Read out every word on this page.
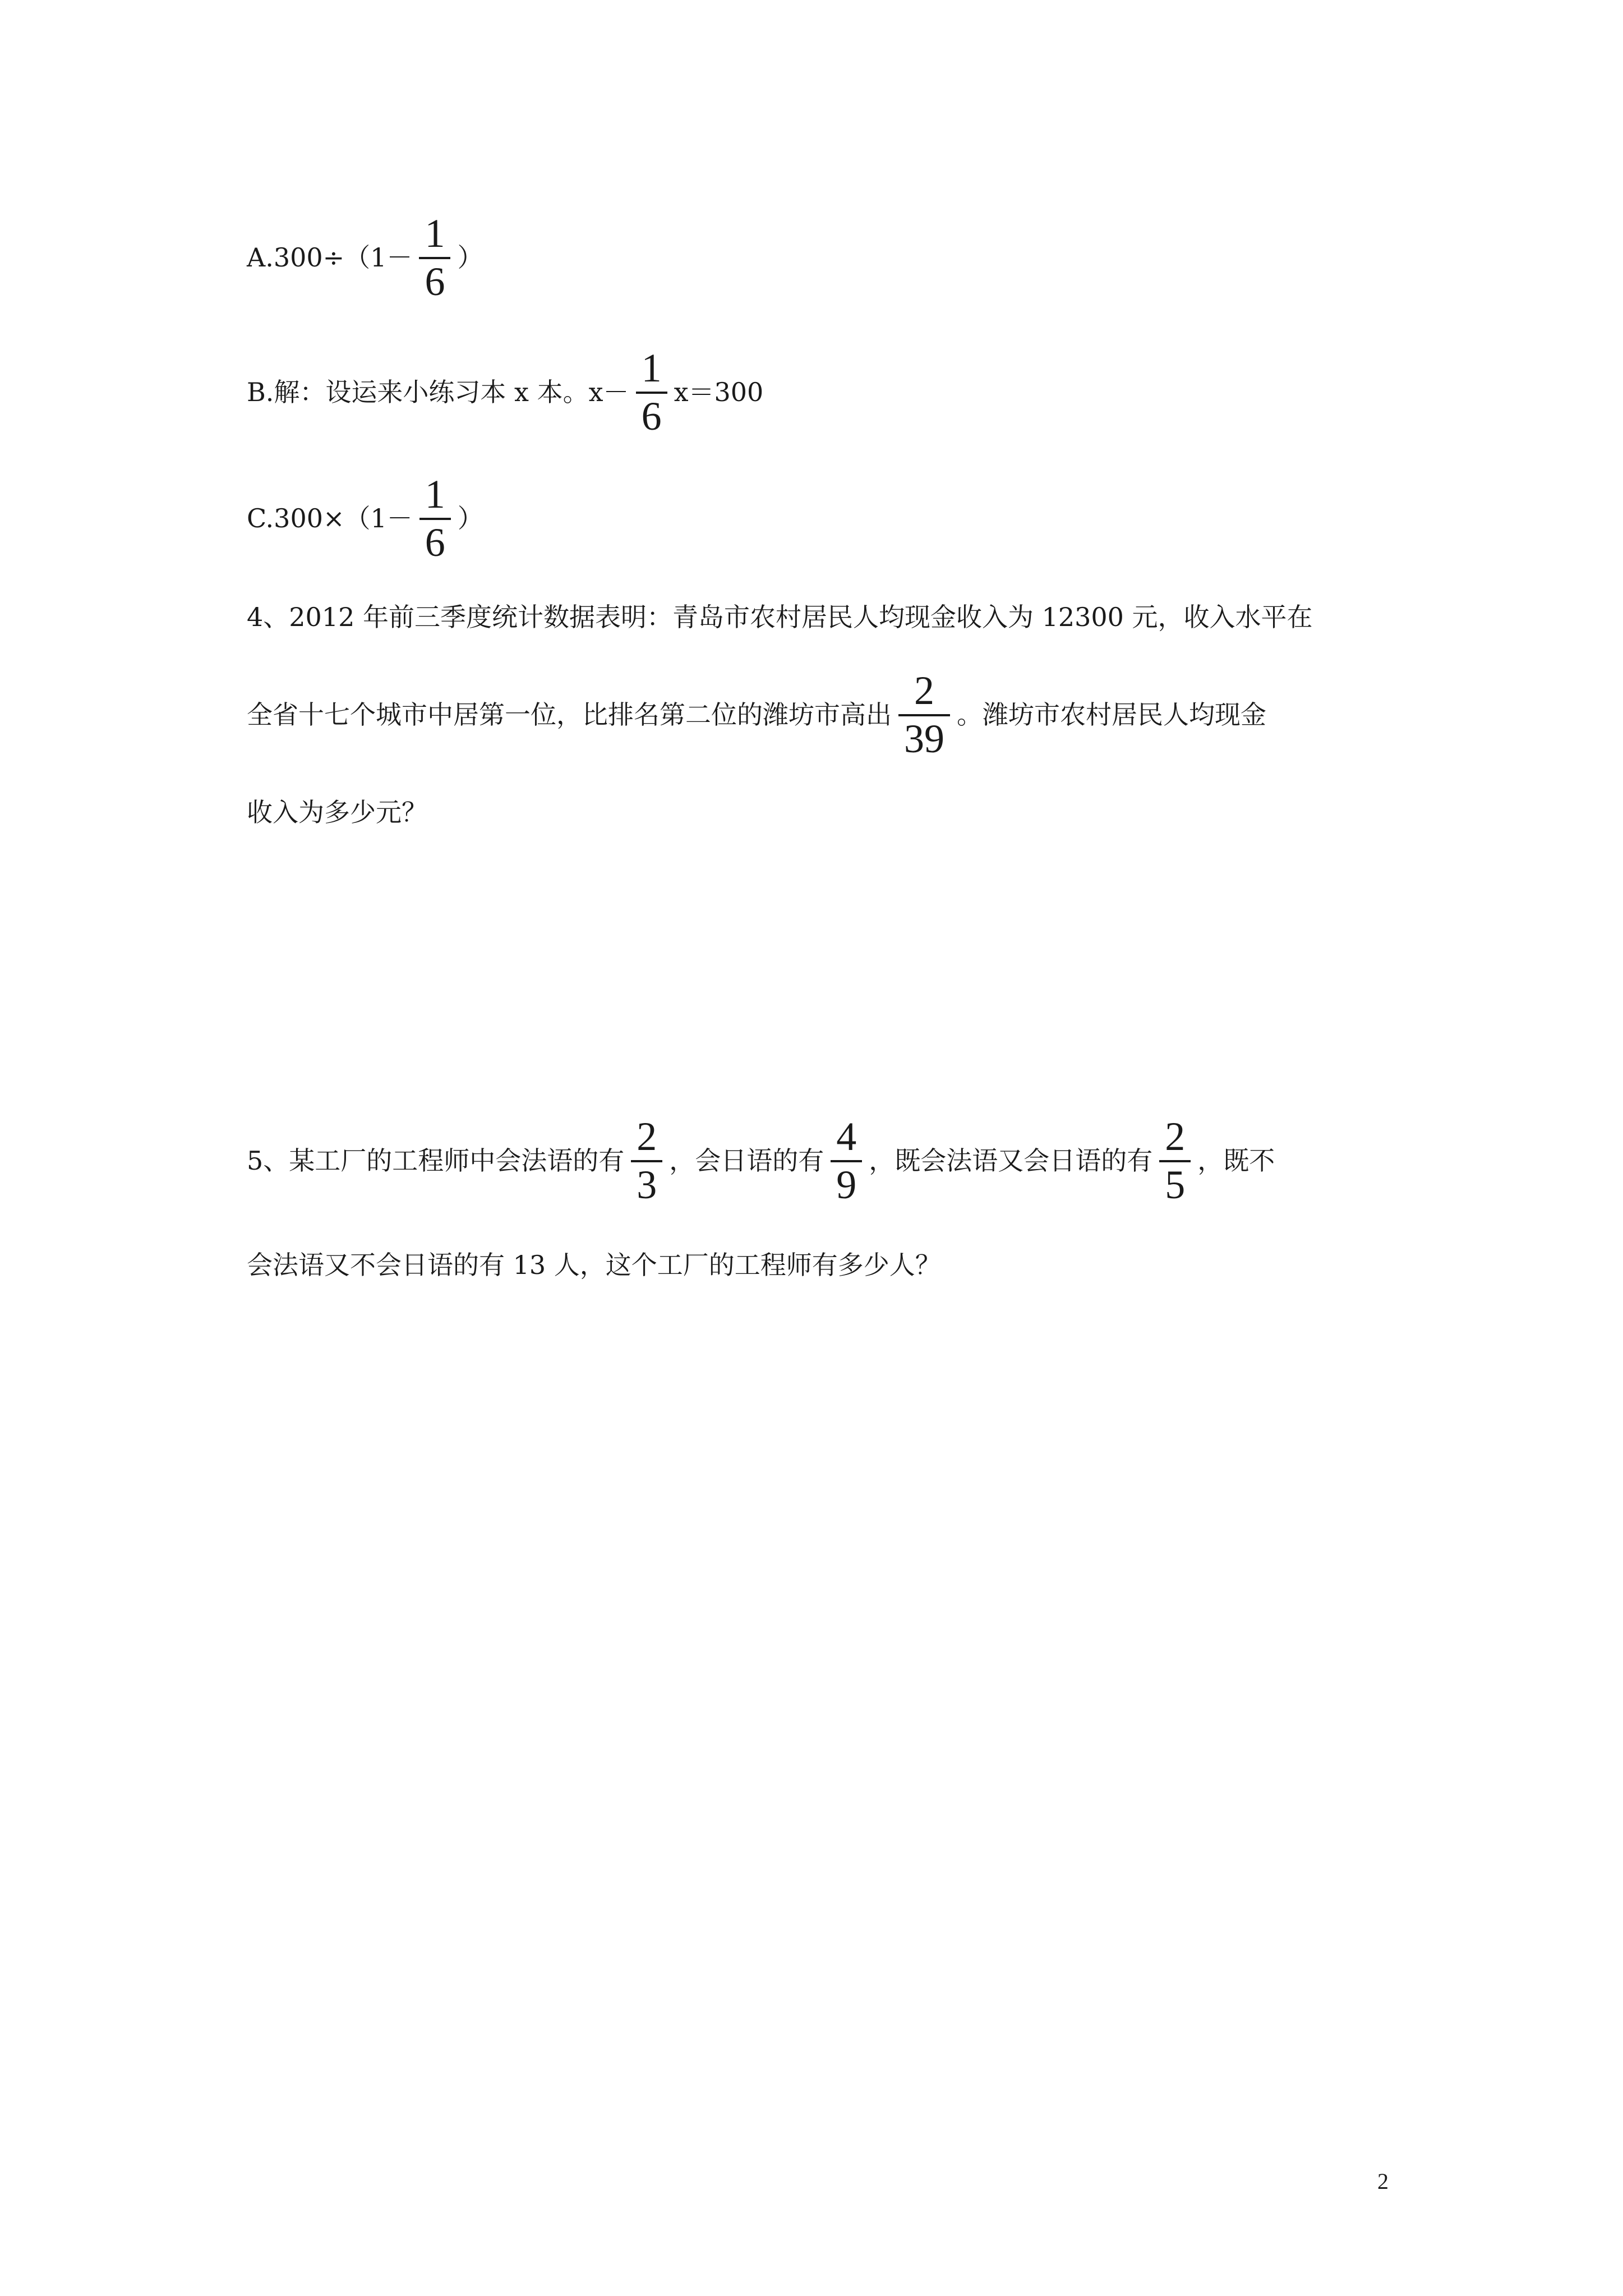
$A.300\div(1- \frac{1}{6}$ ）
B.解：设运来小练习本 x 本。$x- \frac{1}{6} x=300$
$C.300\times(1- \frac{1}{6}$ ）
4、2012 年前三季度统计数据表明：青岛市农村居民人均现金收入为 12300 元，收入水平在
全省十七个城市中居第一位，比排名第二位的潍坊市高出 $\frac{2}{39}$ 。潍坊市农村居民人均现金
收入为多少元？
5、某工厂的工程师中会法语的有 $\frac{2}{3}$ ，会日语的有 $\frac{4}{9}$ ，既会法语又会日语的有 $\frac{2}{5}$ ，既不
会法语又不会日语的有 13 人，这个工厂的工程师有多少人？
2
